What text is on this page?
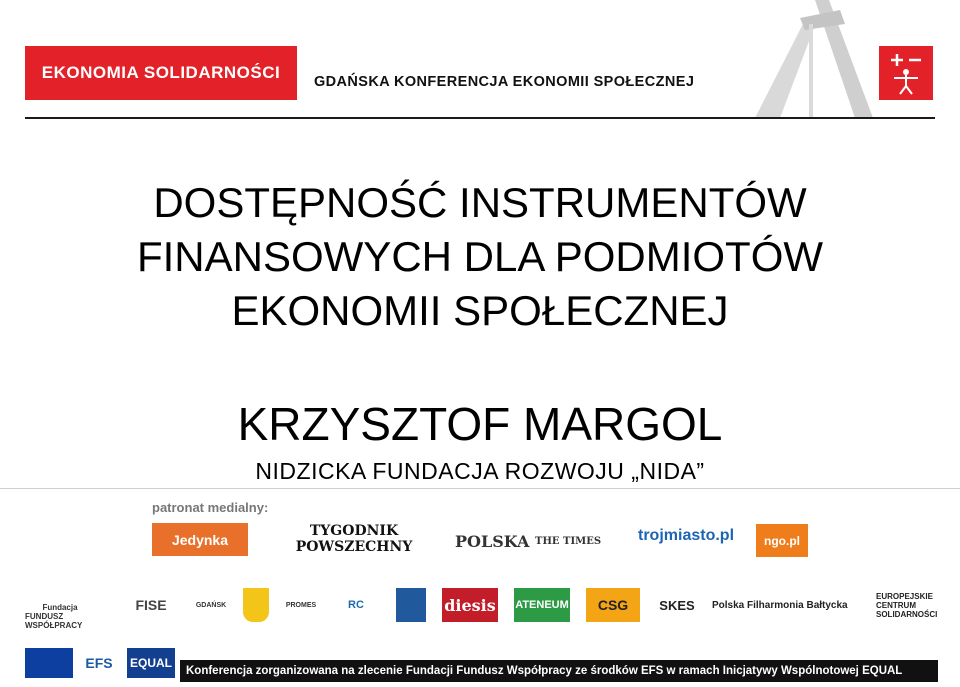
EKONOMIA SOLIDARNOŚCI	GDAŃSKA KONFERENCJA EKONOMII SPOŁECZNEJ
DOSTĘPNOŚĆ INSTRUMENTÓW
FINANSOWYCH DLA PODMIOTÓW
EKONOMII SPOŁECZNEJ
KRZYSZTOF MARGOL
NIDZICKA FUNDACJA ROZWOJU „NIDA”
patronat medialny:
Jedynka
TYGODNIK
POWSZECHNY	POLSKA
THE TIMES trojmiasto.pl ngo.pl
Fundacja
FUNDUSZ WSPÓŁPRACY
FISE	GDAŃSK	PROMES	RC	diesis ATENEUM	CSG	SKES	Polska Filharmonia Bałtycka
EUROPEJSKIE
CENTRUM
SOLIDARNOŚCI
EFS EQUAL
Konferencja zorganizowana na zlecenie Fundacji Fundusz Współpracy ze środków EFS w ramach Inicjatywy Wspólnotowej EQUAL
